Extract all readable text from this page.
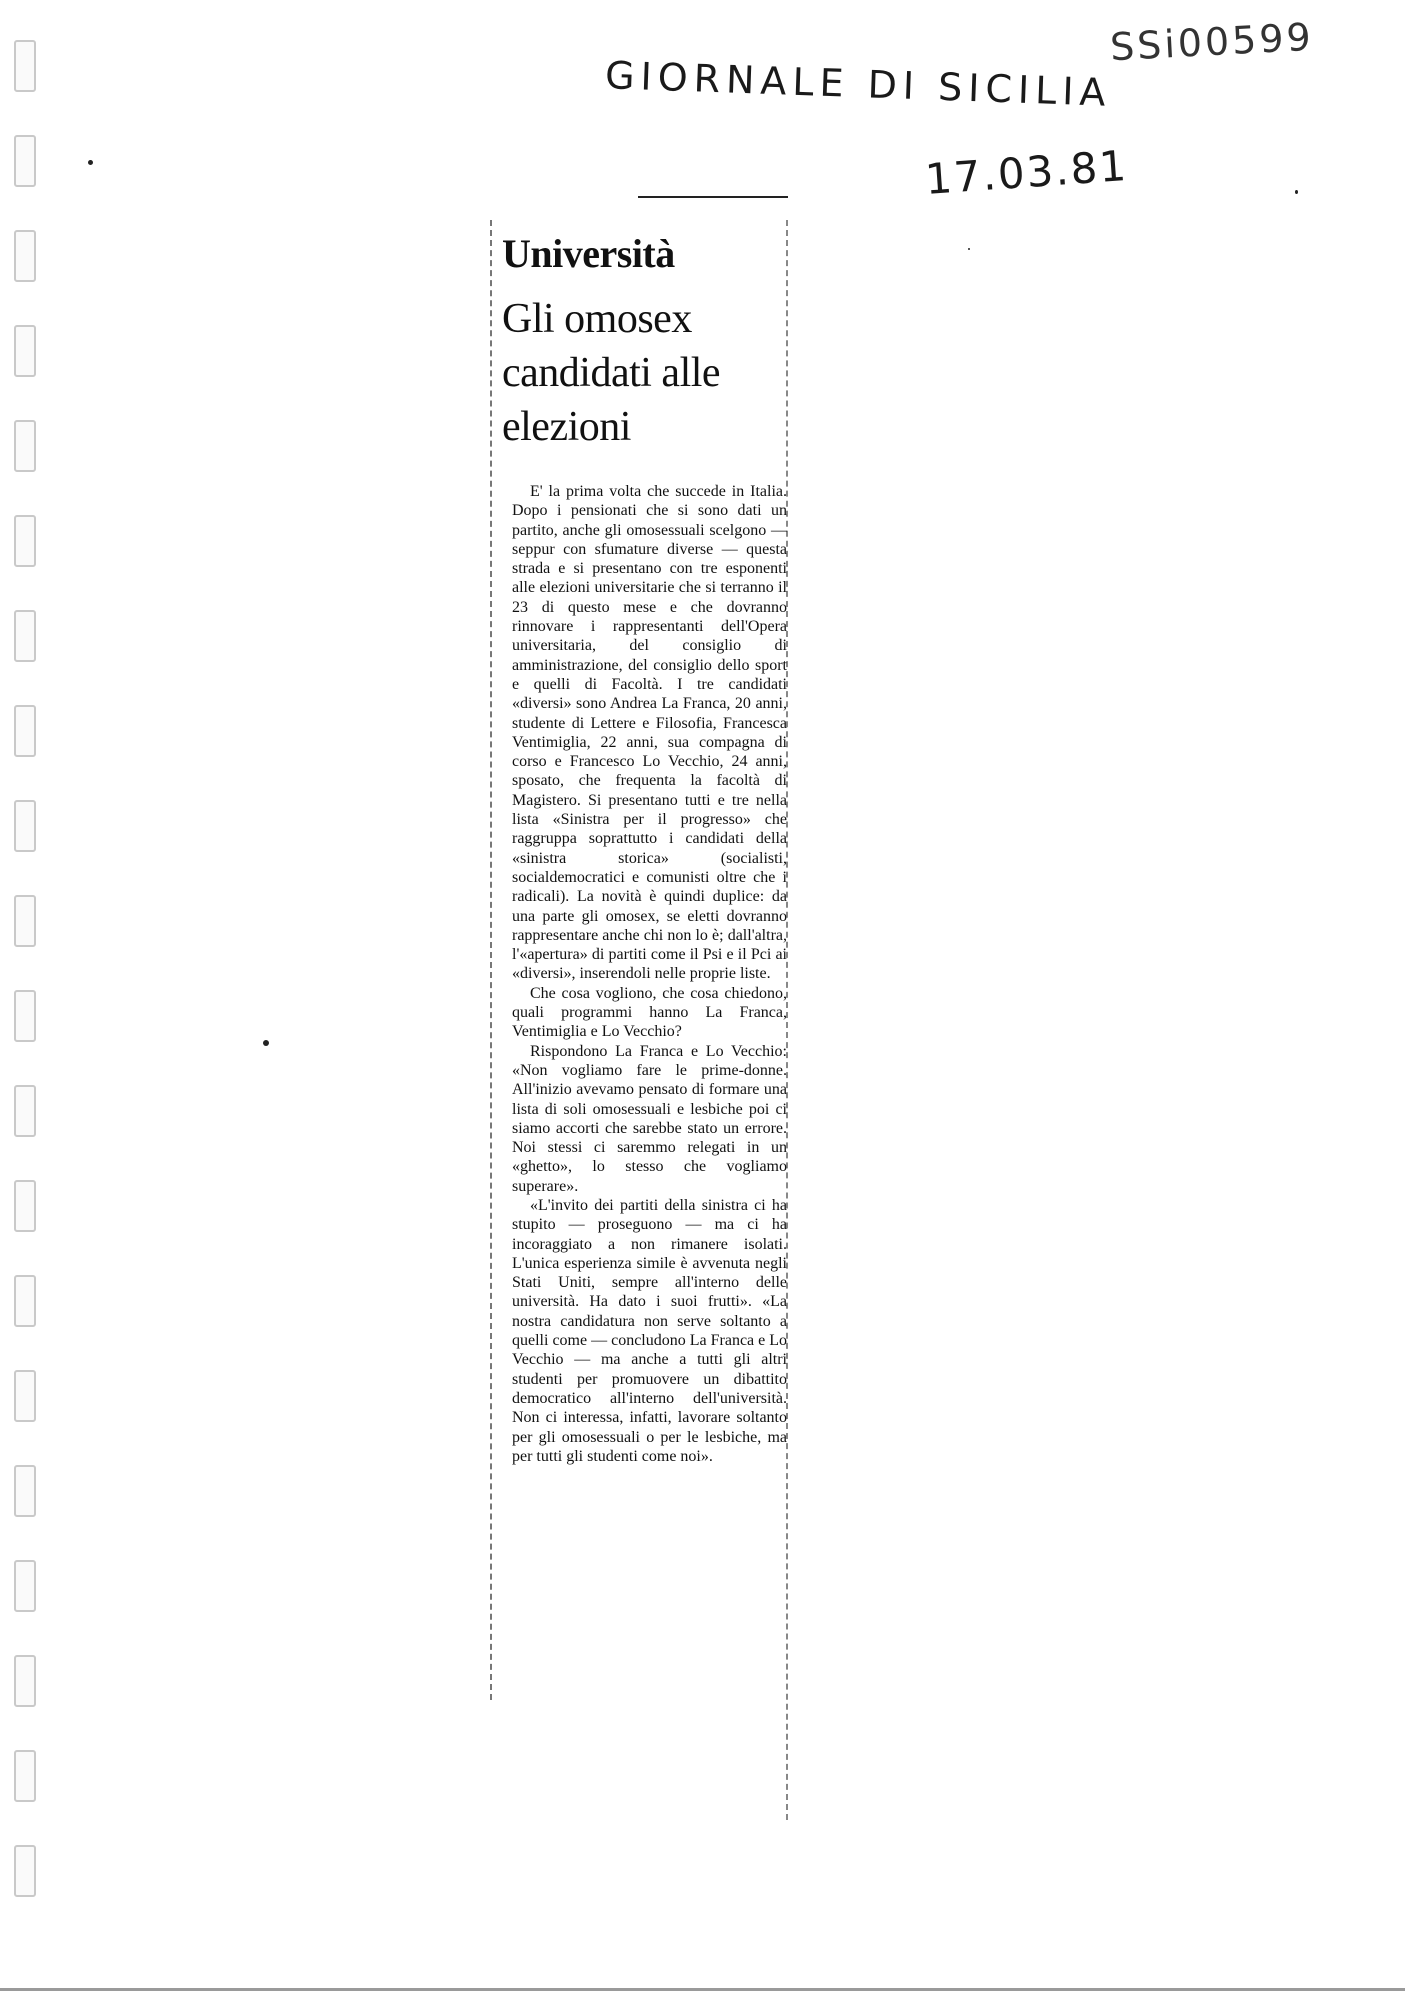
SSi00599
GIORNALE DI SICILIA
17.03.81
Università
Gli omosex candidati alle elezioni

E' la prima volta che succede in Italia. Dopo i pensionati che si sono dati un partito, anche gli omosessuali scelgono — seppur con sfumature diverse — questa strada e si presentano con tre esponenti alle elezioni universitarie che si terranno il 23 di questo mese e che dovranno rinnovare i rappresentanti dell'Opera universitaria, del consiglio di amministrazione, del consiglio dello sport e quelli di Facoltà. I tre candidati «diversi» sono Andrea La Franca, 20 anni, studente di Lettere e Filosofia, Francesca Ventimiglia, 22 anni, sua compagna di corso e Francesco Lo Vecchio, 24 anni, sposato, che frequenta la facoltà di Magistero. Si presentano tutti e tre nella lista «Sinistra per il progresso» che raggruppa soprattutto i candidati della «sinistra storica» (socialisti, socialdemocratici e comunisti oltre che i radicali). La novità è quindi duplice: da una parte gli omosex, se eletti dovranno rappresentare anche chi non lo è; dall'altra, l'«apertura» di partiti come il Psi e il Pci ai «diversi», inserendoli nelle proprie liste.

Che cosa vogliono, che cosa chiedono, quali programmi hanno La Franca, Ventimiglia e Lo Vecchio?

Rispondono La Franca e Lo Vecchio: «Non vogliamo fare le prime-donne. All'inizio avevamo pensato di formare una lista di soli omosessuali e lesbiche poi ci siamo accorti che sarebbe stato un errore. Noi stessi ci saremmo relegati in un «ghetto», lo stesso che vogliamo superare».

«L'invito dei partiti della sinistra ci ha stupito — proseguono — ma ci ha incoraggiato a non rimanere isolati. L'unica esperienza simile è avvenuta negli Stati Uniti, sempre all'interno delle università. Ha dato i suoi frutti». «La nostra candidatura non serve soltanto a quelli come — concludono La Franca e Lo Vecchio — ma anche a tutti gli altri studenti per promuovere un dibattito democratico all'interno dell'università. Non ci interessa, infatti, lavorare soltanto per gli omosessuali o per le lesbiche, ma per tutti gli studenti come noi».
